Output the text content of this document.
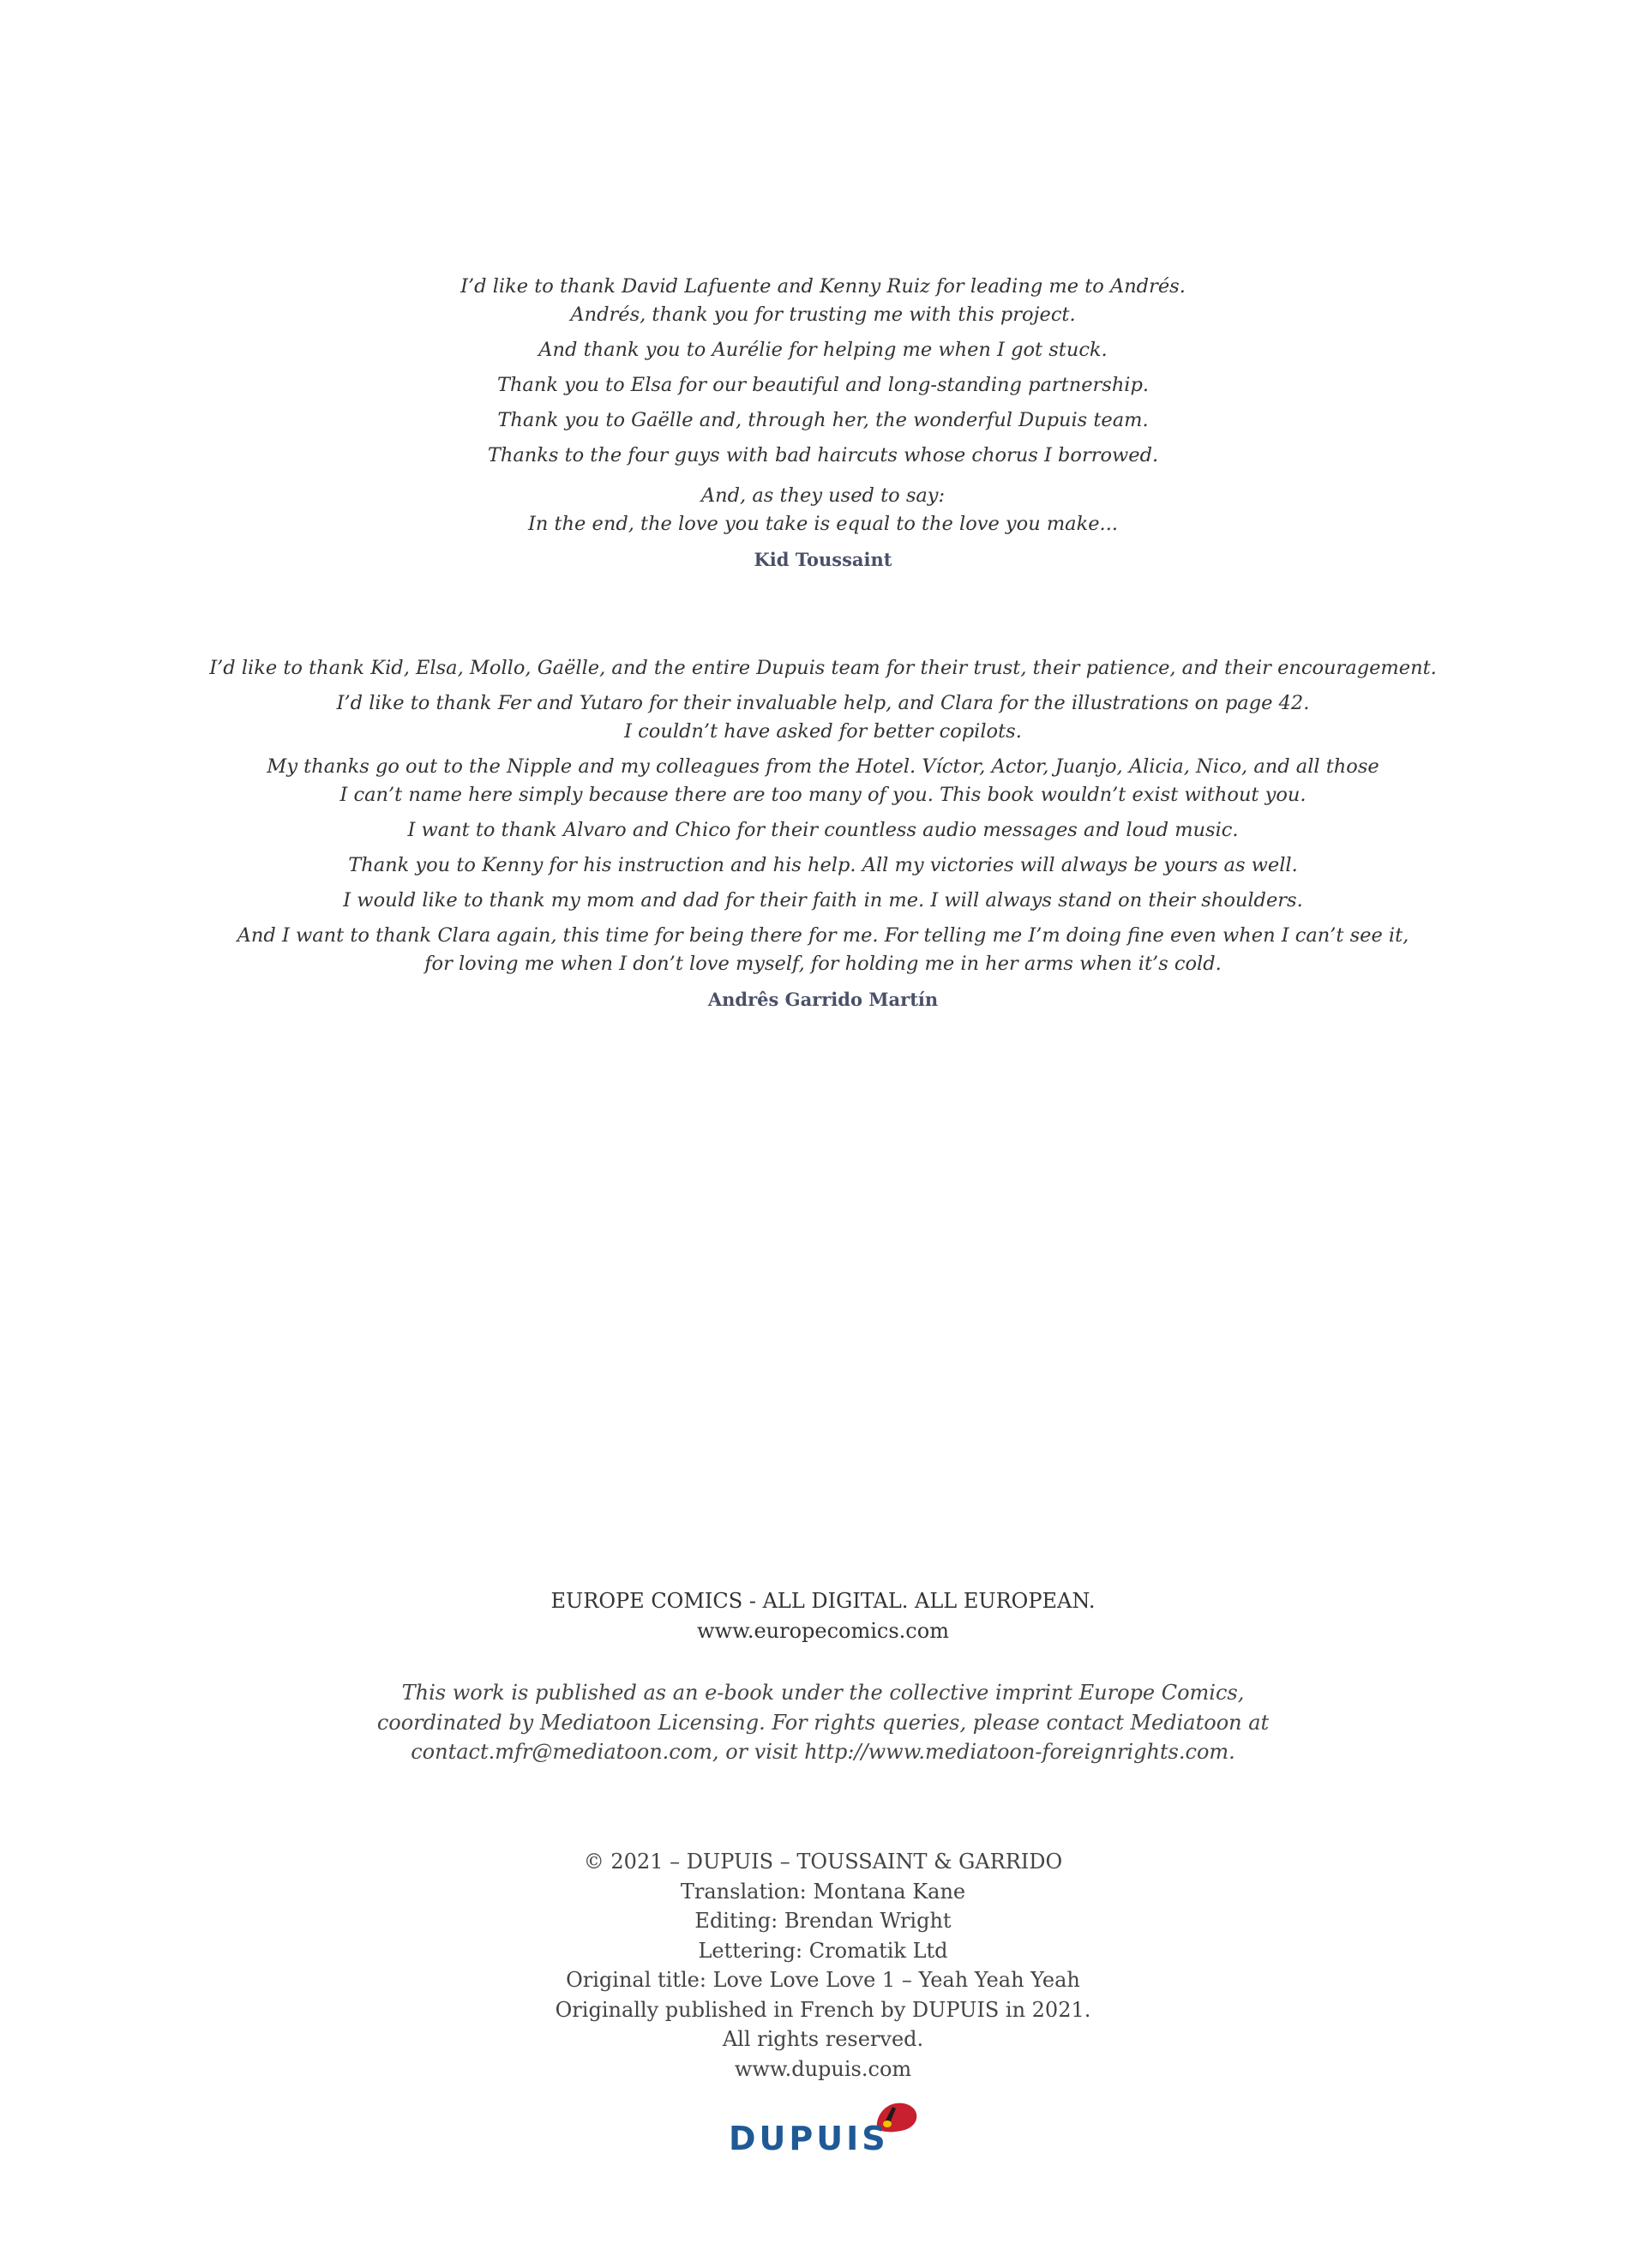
I’d like to thank David Lafuente and Kenny Ruiz for leading me to Andrés.

Andrés, thank you for trusting me with this project.

And thank you to Aurélie for helping me when I got stuck.

Thank you to Elsa for our beautiful and long-standing partnership.

Thank you to Gaëlle and, through her, the wonderful Dupuis team.

Thanks to the four guys with bad haircuts whose chorus I borrowed.

And, as they used to say:

In the end, the love you take is equal to the love you make...

Kid Toussaint

I’d like to thank Kid, Elsa, Mollo, Gaëlle, and the entire Dupuis team for their trust, their patience, and their encouragement.

I’d like to thank Fer and Yutaro for their invaluable help, and Clara for the illustrations on page 42.

I couldn’t have asked for better copilots.

My thanks go out to the Nipple and my colleagues from the Hotel. Víctor, Actor, Juanjo, Alicia, Nico, and all those

I can’t name here simply because there are too many of you. This book wouldn’t exist without you.

I want to thank Alvaro and Chico for their countless audio messages and loud music.

Thank you to Kenny for his instruction and his help. All my victories will always be yours as well.

I would like to thank my mom and dad for their faith in me. I will always stand on their shoulders.

And I want to thank Clara again, this time for being there for me. For telling me I’m doing fine even when I can’t see it,

for loving me when I don’t love myself, for holding me in her arms when it’s cold.

Andrês Garrido Martín

EUROPE COMICS - ALL DIGITAL. ALL EUROPEAN.

www.europecomics.com

This work is published as an e-book under the collective imprint Europe Comics,

coordinated by Mediatoon Licensing. For rights queries, please contact Mediatoon at

contact.mfr@mediatoon.com, or visit http://www.mediatoon-foreignrights.com.

© 2021 – DUPUIS – TOUSSAINT & GARRIDO

Translation: Montana Kane

Editing: Brendan Wright

Lettering: Cromatik Ltd

Original title: Love Love Love 1 – Yeah Yeah Yeah

Originally published in French by DUPUIS in 2021.

All rights reserved.

www.dupuis.com

DUPUIS
